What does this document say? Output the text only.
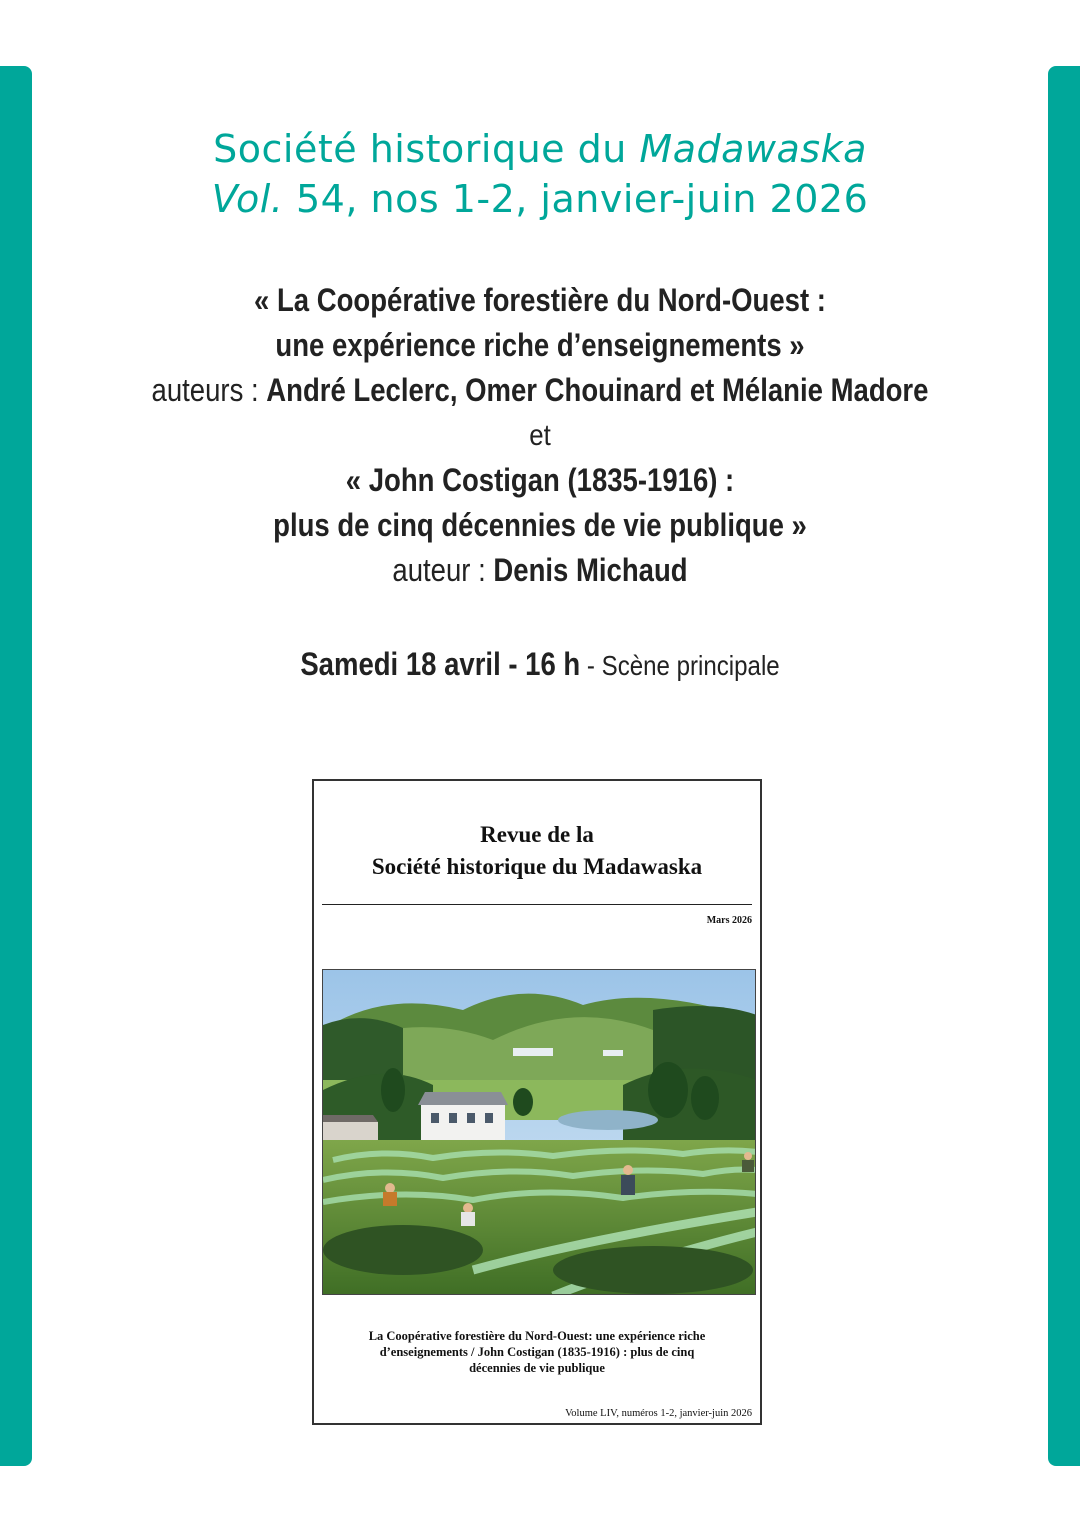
Société historique du Madawaska
Vol. 54, nos 1-2, janvier-juin 2026
« La Coopérative forestière du Nord-Ouest :
une expérience riche d’enseignements »
auteurs : André Leclerc, Omer Chouinard et Mélanie Madore
et
« John Costigan (1835-1916) :
plus de cinq décennies de vie publique »
auteur : Denis Michaud
Samedi 18 avril - 16 h - Scène principale
Revue de la
Société historique du Madawaska
Mars 2026
La Coopérative forestière du Nord-Ouest: une expérience riche
d’enseignements / John Costigan (1835-1916) : plus de cinq
décennies de vie publique
Volume LIV, numéros 1-2, janvier-juin 2026
